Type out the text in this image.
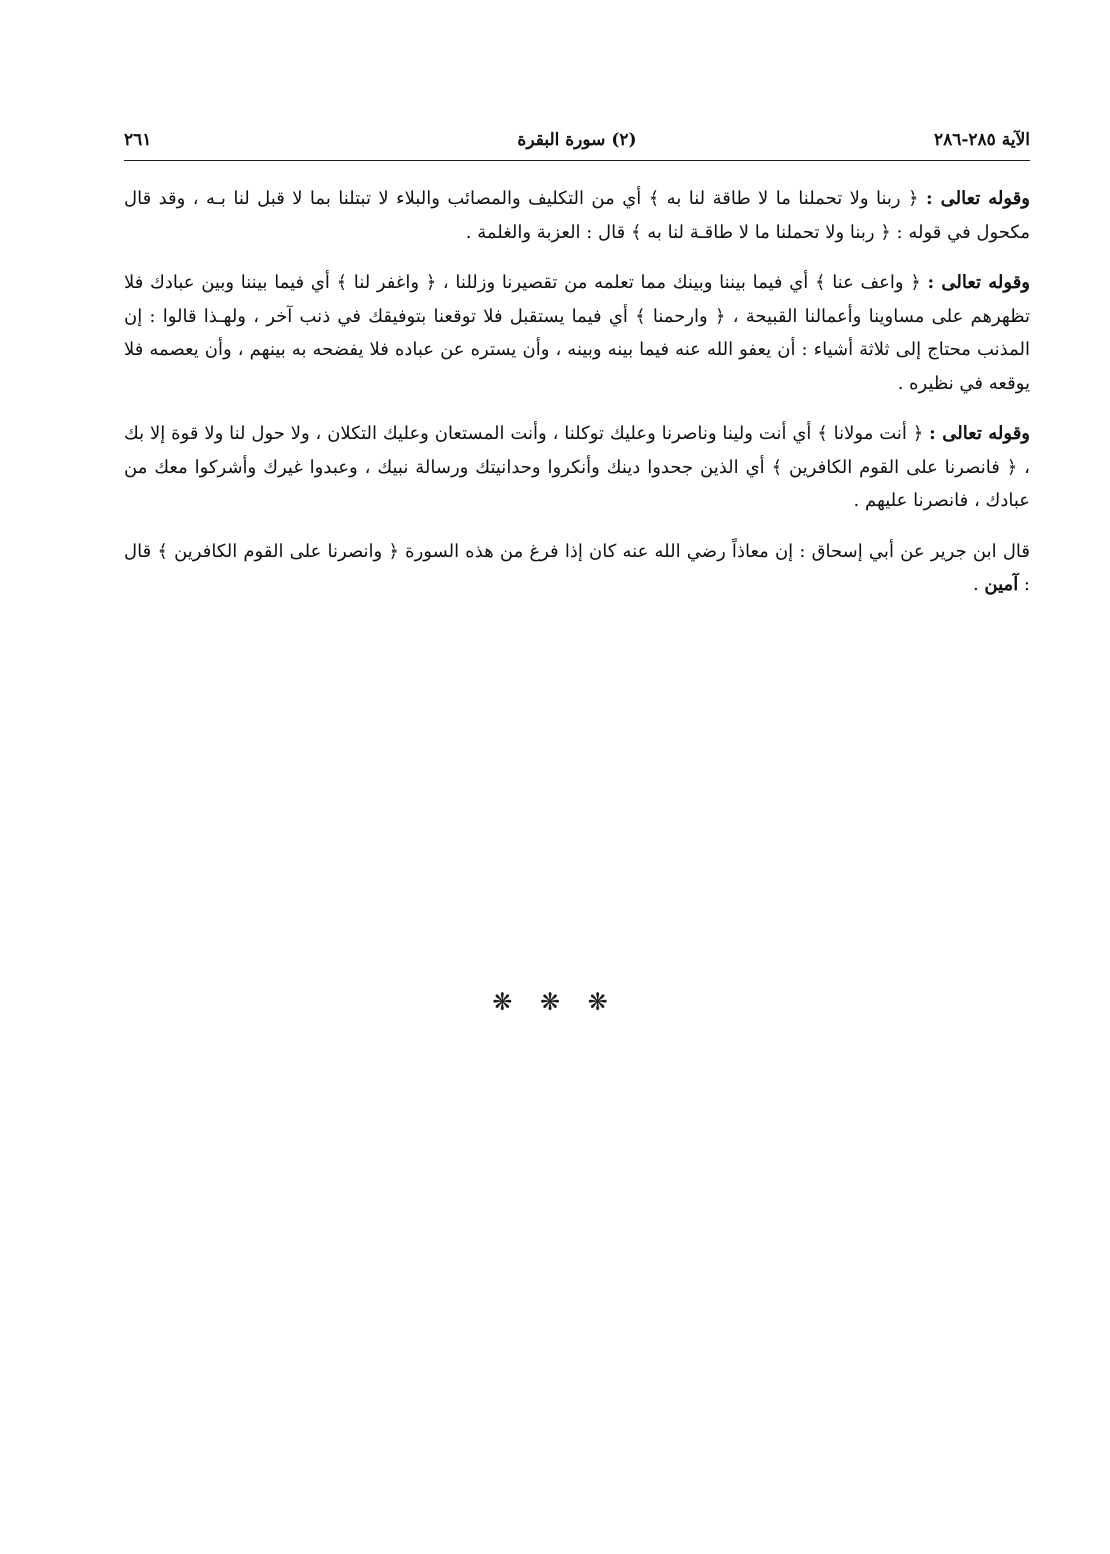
الآية ٢٨٥-٢٨٦
(٢) سورة البقرة
٢٦١

وقوله تعالى : ﴿ ربنا ولا تحملنا ما لا طاقة لنا به ﴾ أي من التكليف والمصائب والبلاء لا تبتلنا بما لا قبل لنا بـه ، وقد قال مكحول في قوله : ﴿ ربنا ولا تحملنا ما لا طاقـة لنا به ﴾ قال : العزبة والغلمة .

وقوله تعالى : ﴿ واعف عنا ﴾ أي فيما بيننا وبينك مما تعلمه من تقصيرنا وزللنا ، ﴿ واغفر لنا ﴾ أي فيما بيننا وبين عبادك فلا تظهرهم على مساوينا وأعمالنا القبيحة ، ﴿ وارحمنا ﴾ أي فيما يستقبل فلا توقعنا بتوفيقك في ذنب آخر ، ولهـذا قالوا : إن المذنب محتاج إلى ثلاثة أشياء : أن يعفو الله عنه فيما بينه وبينه ، وأن يستره عن عباده فلا يفضحه به بينهم ، وأن يعصمه فلا يوقعه في نظيره .

وقوله تعالى : ﴿ أنت مولانا ﴾ أي أنت ولينا وناصرنا وعليك توكلنا ، وأنت المستعان وعليك التكلان ، ولا حول لنا ولا قوة إلا بك ، ﴿ فانصرنا على القوم الكافرين ﴾ أي الذين جحدوا دينك وأنكروا وحدانيتك ورسالة نبيك ، وعبدوا غيرك وأشركوا معك من عبادك ، فانصرنا عليهم .

قال ابن جرير عن أبي إسحاق : إن معاذاً رضي الله عنه كان إذا فرغ من هذه السورة ﴿ وانصرنا على القوم الكافرين ﴾ قال : آمين .

❋ ❋ ❋
